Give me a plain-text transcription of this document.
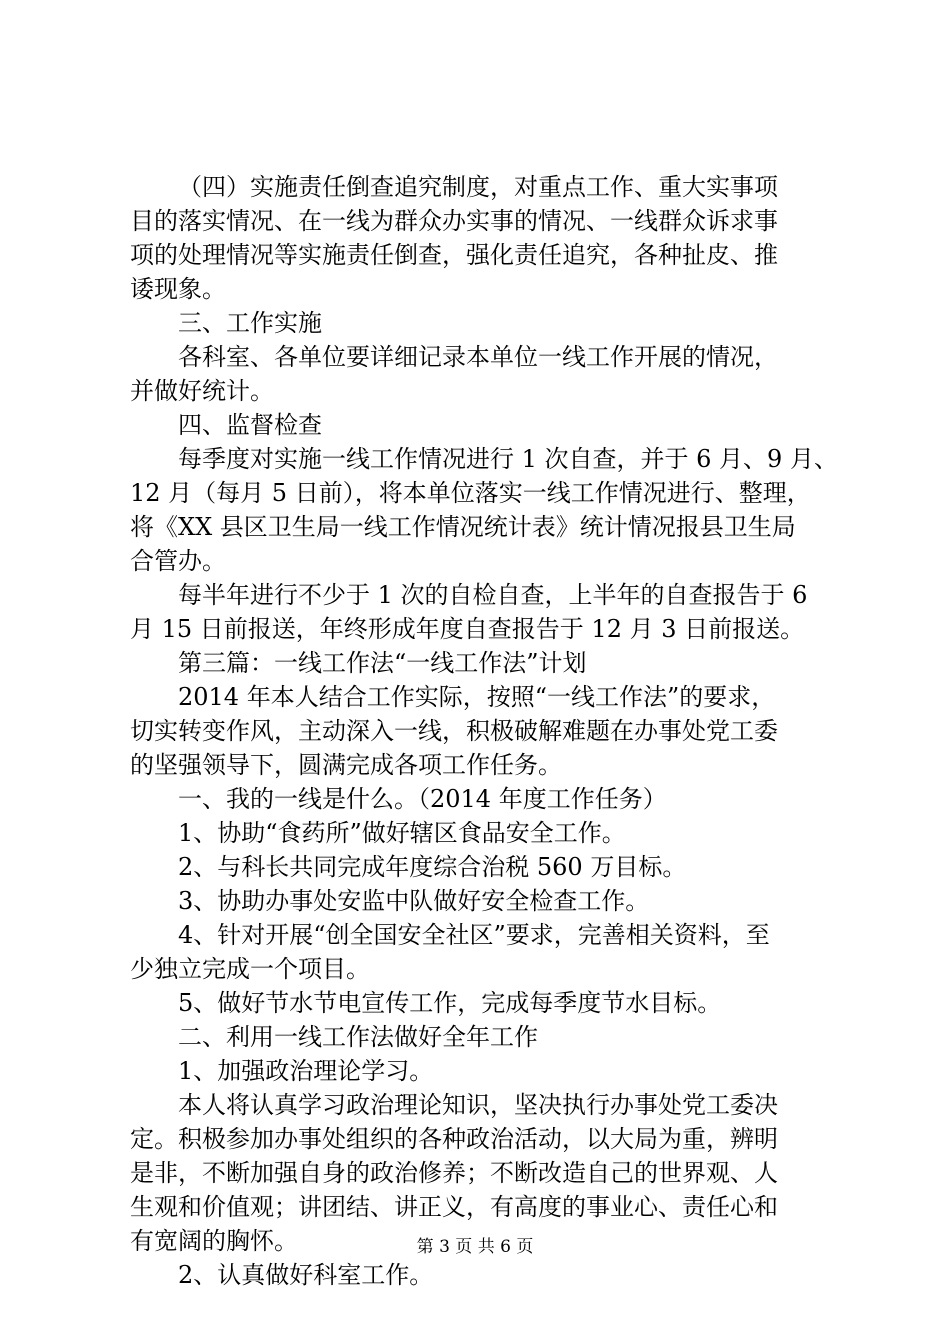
（四）实施责任倒查追究制度，对重点工作、重大实事项
目的落实情况、在一线为群众办实事的情况、一线群众诉求事
项的处理情况等实施责任倒查，强化责任追究，各种扯皮、推
诿现象。
三、工作实施
各科室、各单位要详细记录本单位一线工作开展的情况，
并做好统计。
四、监督检查
每季度对实施一线工作情况进行 1 次自查，并于 6 月、9 月、
12 月（每月 5 日前），将本单位落实一线工作情况进行、整理，
将《XX 县区卫生局一线工作情况统计表》统计情况报县卫生局
合管办。
每半年进行不少于 1 次的自检自查，上半年的自查报告于 6
月 15 日前报送，年终形成年度自查报告于 12 月 3 日前报送。
第三篇：一线工作法“一线工作法”计划
2014 年本人结合工作实际，按照“一线工作法”的要求，
切实转变作风，主动深入一线，积极破解难题在办事处党工委
的坚强领导下，圆满完成各项工作任务。
一、我的一线是什么。（2014 年度工作任务）
1、协助“食药所”做好辖区食品安全工作。
2、与科长共同完成年度综合治税 560 万目标。
3、协助办事处安监中队做好安全检查工作。
4、针对开展“创全国安全社区”要求，完善相关资料，至
少独立完成一个项目。
5、做好节水节电宣传工作，完成每季度节水目标。
二、利用一线工作法做好全年工作
1、加强政治理论学习。
本人将认真学习政治理论知识，坚决执行办事处党工委决
定。积极参加办事处组织的各种政治活动，以大局为重，辨明
是非，不断加强自身的政治修养；不断改造自己的世界观、人
生观和价值观；讲团结、讲正义，有高度的事业心、责任心和
有宽阔的胸怀。
2、认真做好科室工作。
第 3 页 共 6 页
